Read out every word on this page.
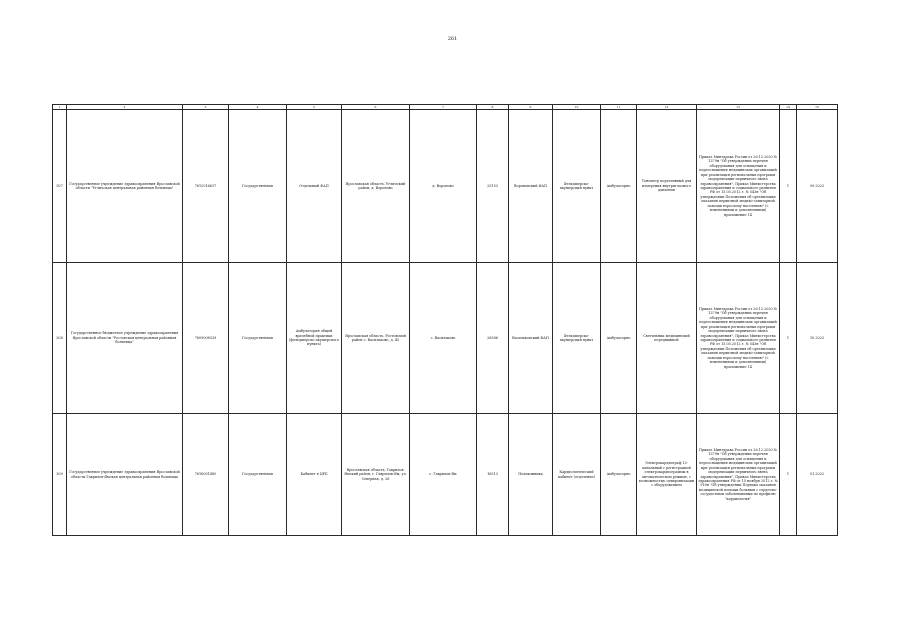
261
1	2	3	4	5	6	7	8	9	10	11	12	13	14	15
307	Государственное учреждение здравоохранения Ярославской области "Угличская центральная районная больница"	7612016637	Государственная	Отдельный ФАП	Ярославская область, Угличский район, д. Вороново	д. Вороново	25153	Вороновский ФАП	Фельдшерско-акушерский пункт	Амбулаторно	Тонометр портативный для измерения внутриглазного давления	Приказ Минздрава России от 26.12.2020 № 1379н "Об утверждении перечня оборудования для оснащения и переоснащения медицинских организаций при реализации региональных программ модернизации первичного звена здравоохранения", Приказ Министерства здравоохранения и социального развития РФ от 15.05.2012 г. № 543н "Об утверждении Положения об организации оказания первичной медико-санитарной помощи взрослому населению" (с изменениями и дополнениями) приложение 14	1	09.2023
308	Государственное бюджетное учреждение здравоохранения Ярославской области "Ростовская центральная районная больница"	7609008339	Государственная	Амбулатория общей врачебной практики (фельдшерско-акушерского пункта)	Ярославская область, Ростовский район с. Васильково, д. 45	с. Васильково	26586	Васильковский ФАП	Фельдшерско-акушерский пункт	Амбулаторно	Светильник медицинский передвижной	Приказ Минздрава России от 26.12.2020 № 1379н "Об утверждении перечня оборудования для оснащения и переоснащения медицинских организаций при реализации региональных программ модернизации первичного звена здравоохранения", Приказ Министерства здравоохранения и социального развития РФ от 15.05.2012 г. № 543н "Об утверждении Положения об организации оказания первичной медико-санитарной помощи взрослому населению" (с изменениями и дополнениями) приложение 14	1	10.2023
309	Государственное учреждение здравоохранения Ярославской области Гаврилов-Ямская центральная районная больница	7616001480	Государственная	Кабинет в ЦРБ	Ярославская область, Гаврилов-Ямский район, г. Гаврилов-Ям, ул. Северная, д. 26	г. Гаврилов-Ям	16513	Поликлиника	Кардиологический кабинет (отделение)	Амбулаторно	Электрокардиограф 12-канальный с регистрацией электрокардиограммы в автоматическом режиме, с возможностью синхронизации с оборудованием	Приказ Минздрава России от 26.12.2020 № 1379н "Об утверждении перечня оборудования для оснащения и переоснащения медицинских организаций при реализации региональных программ модернизации первичного звена здравоохранения", Приказ Министерства здравоохранения РФ от 15 ноября 2012 г. № 918н "Об утверждении Порядка оказания медицинской помощи больным с сердечно-сосудистыми заболеваниями по профилю "кардиология"	1	01.2022
